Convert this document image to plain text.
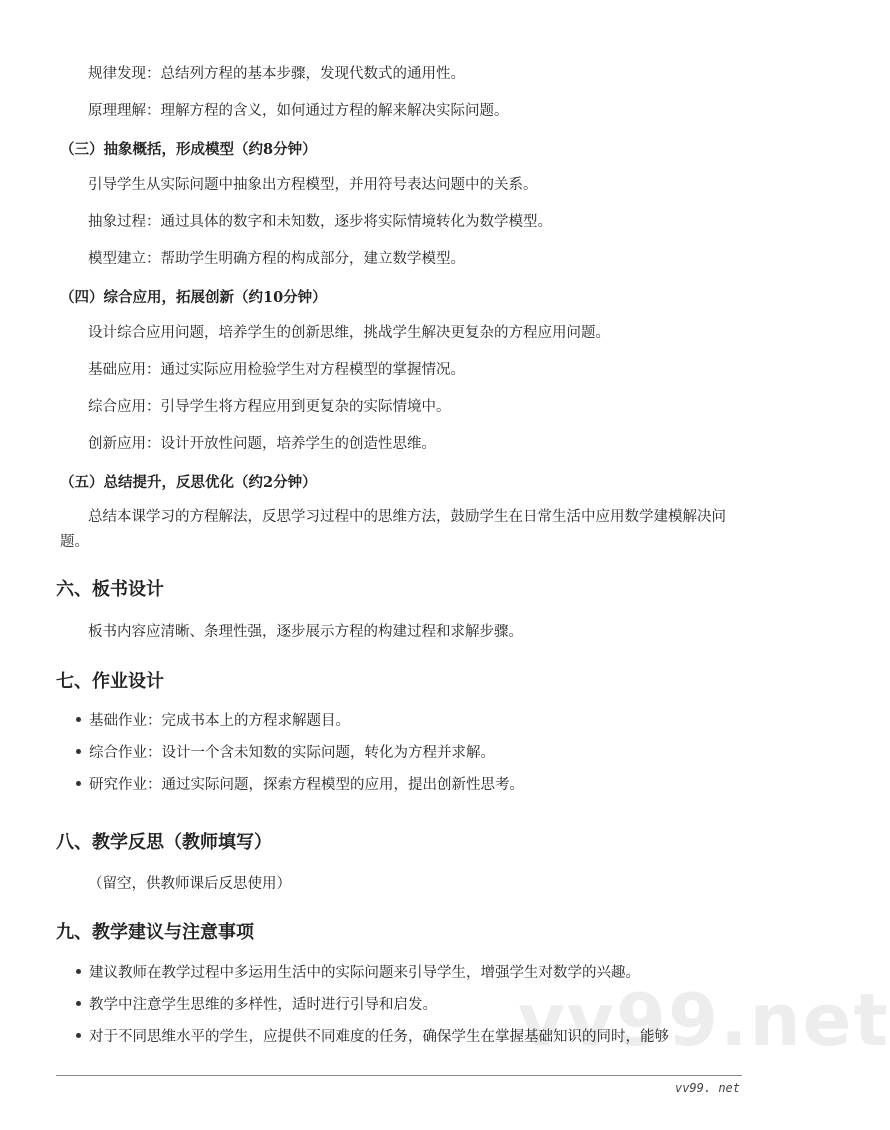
规律发现：总结列方程的基本步骤，发现代数式的通用性。
原理理解：理解方程的含义，如何通过方程的解来解决实际问题。
（三）抽象概括，形成模型（约8分钟）
引导学生从实际问题中抽象出方程模型，并用符号表达问题中的关系。
抽象过程：通过具体的数字和未知数，逐步将实际情境转化为数学模型。
模型建立：帮助学生明确方程的构成部分，建立数学模型。
（四）综合应用，拓展创新（约10分钟）
设计综合应用问题，培养学生的创新思维，挑战学生解决更复杂的方程应用问题。
基础应用：通过实际应用检验学生对方程模型的掌握情况。
综合应用：引导学生将方程应用到更复杂的实际情境中。
创新应用：设计开放性问题，培养学生的创造性思维。
（五）总结提升，反思优化（约2分钟）
总结本课学习的方程解法，反思学习过程中的思维方法，鼓励学生在日常生活中应用数学建模解决问题。
六、板书设计
板书内容应清晰、条理性强，逐步展示方程的构建过程和求解步骤。
七、作业设计
基础作业：完成书本上的方程求解题目。
综合作业：设计一个含未知数的实际问题，转化为方程并求解。
研究作业：通过实际问题，探索方程模型的应用，提出创新性思考。
八、教学反思（教师填写）
（留空，供教师课后反思使用）
九、教学建议与注意事项
建议教师在教学过程中多运用生活中的实际问题来引导学生，增强学生对数学的兴趣。
教学中注意学生思维的多样性，适时进行引导和启发。
对于不同思维水平的学生，应提供不同难度的任务，确保学生在掌握基础知识的同时，能够
vv99.net
vv99. net
